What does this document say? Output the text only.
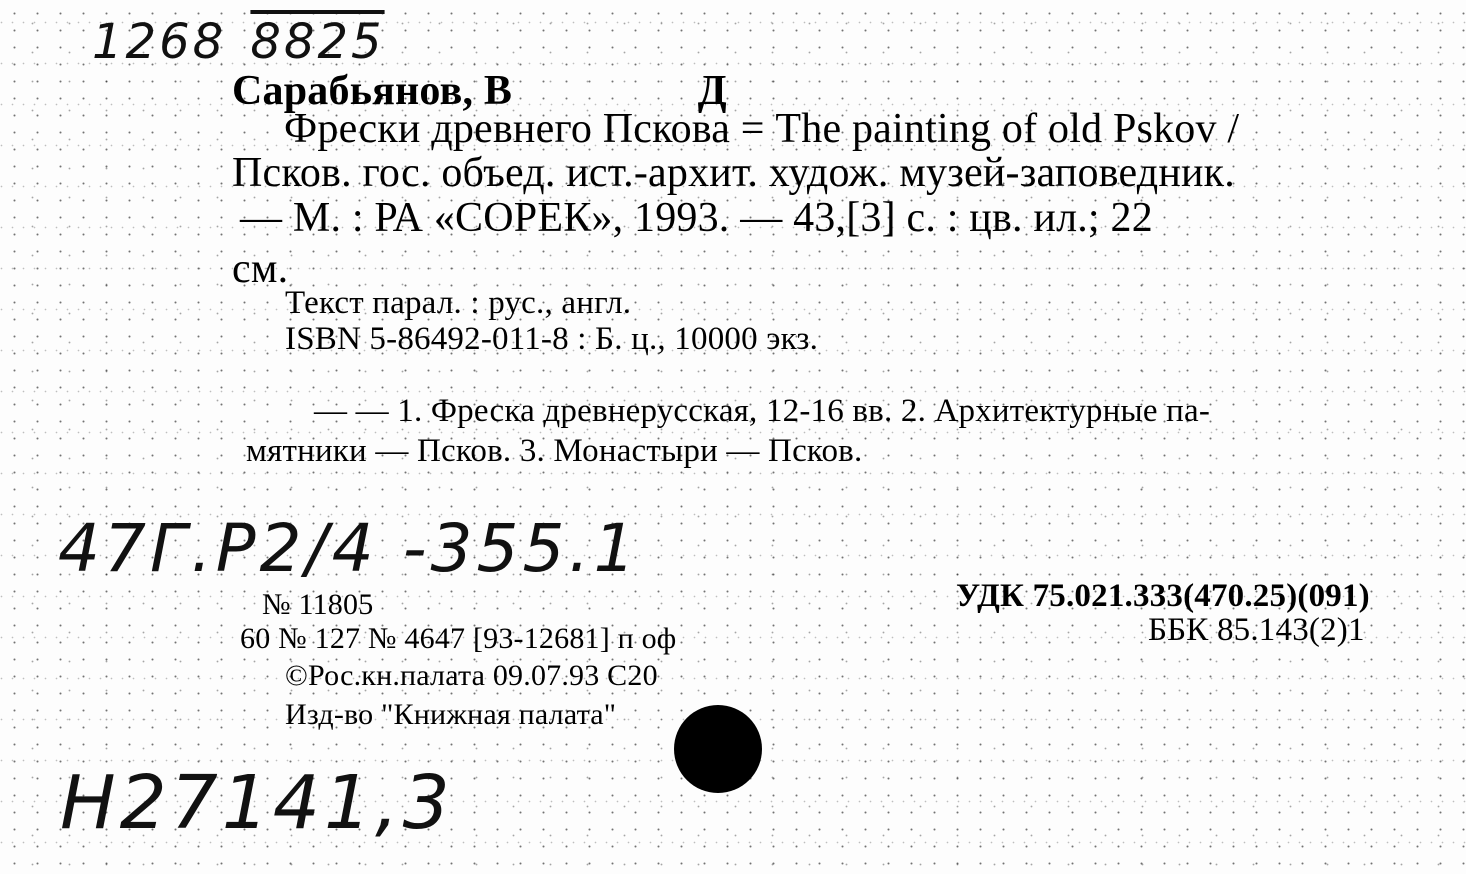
1268 8825
Сарабьянов, В	Д
Фрески древнего Пскова = The painting of old Pskov /
Псков. гос. объед. ист.-архит. худож. музей-заповедник.
— М. : РА «СОРЕК», 1993. — 43,[3] с. : цв. ил.; 22
см.
Текст парал. : рус., англ.
ISBN 5-86492-011-8 : Б. ц., 10000 экз.
— — 1. Фреска древнерусская, 12-16 вв. 2. Архитектурные па-
мятники — Псков. 3. Монастыри — Псков.
47Г.Р2/4 -355.1
№ 11805	УДК 75.021.333(470.25)(091)
60 № 127 № 4647 [93-12681] п оф	ББК 85.143(2)1
©Рос.кн.палата 09.07.93 С20
Изд-во "Книжная палата"
Н27141,3
